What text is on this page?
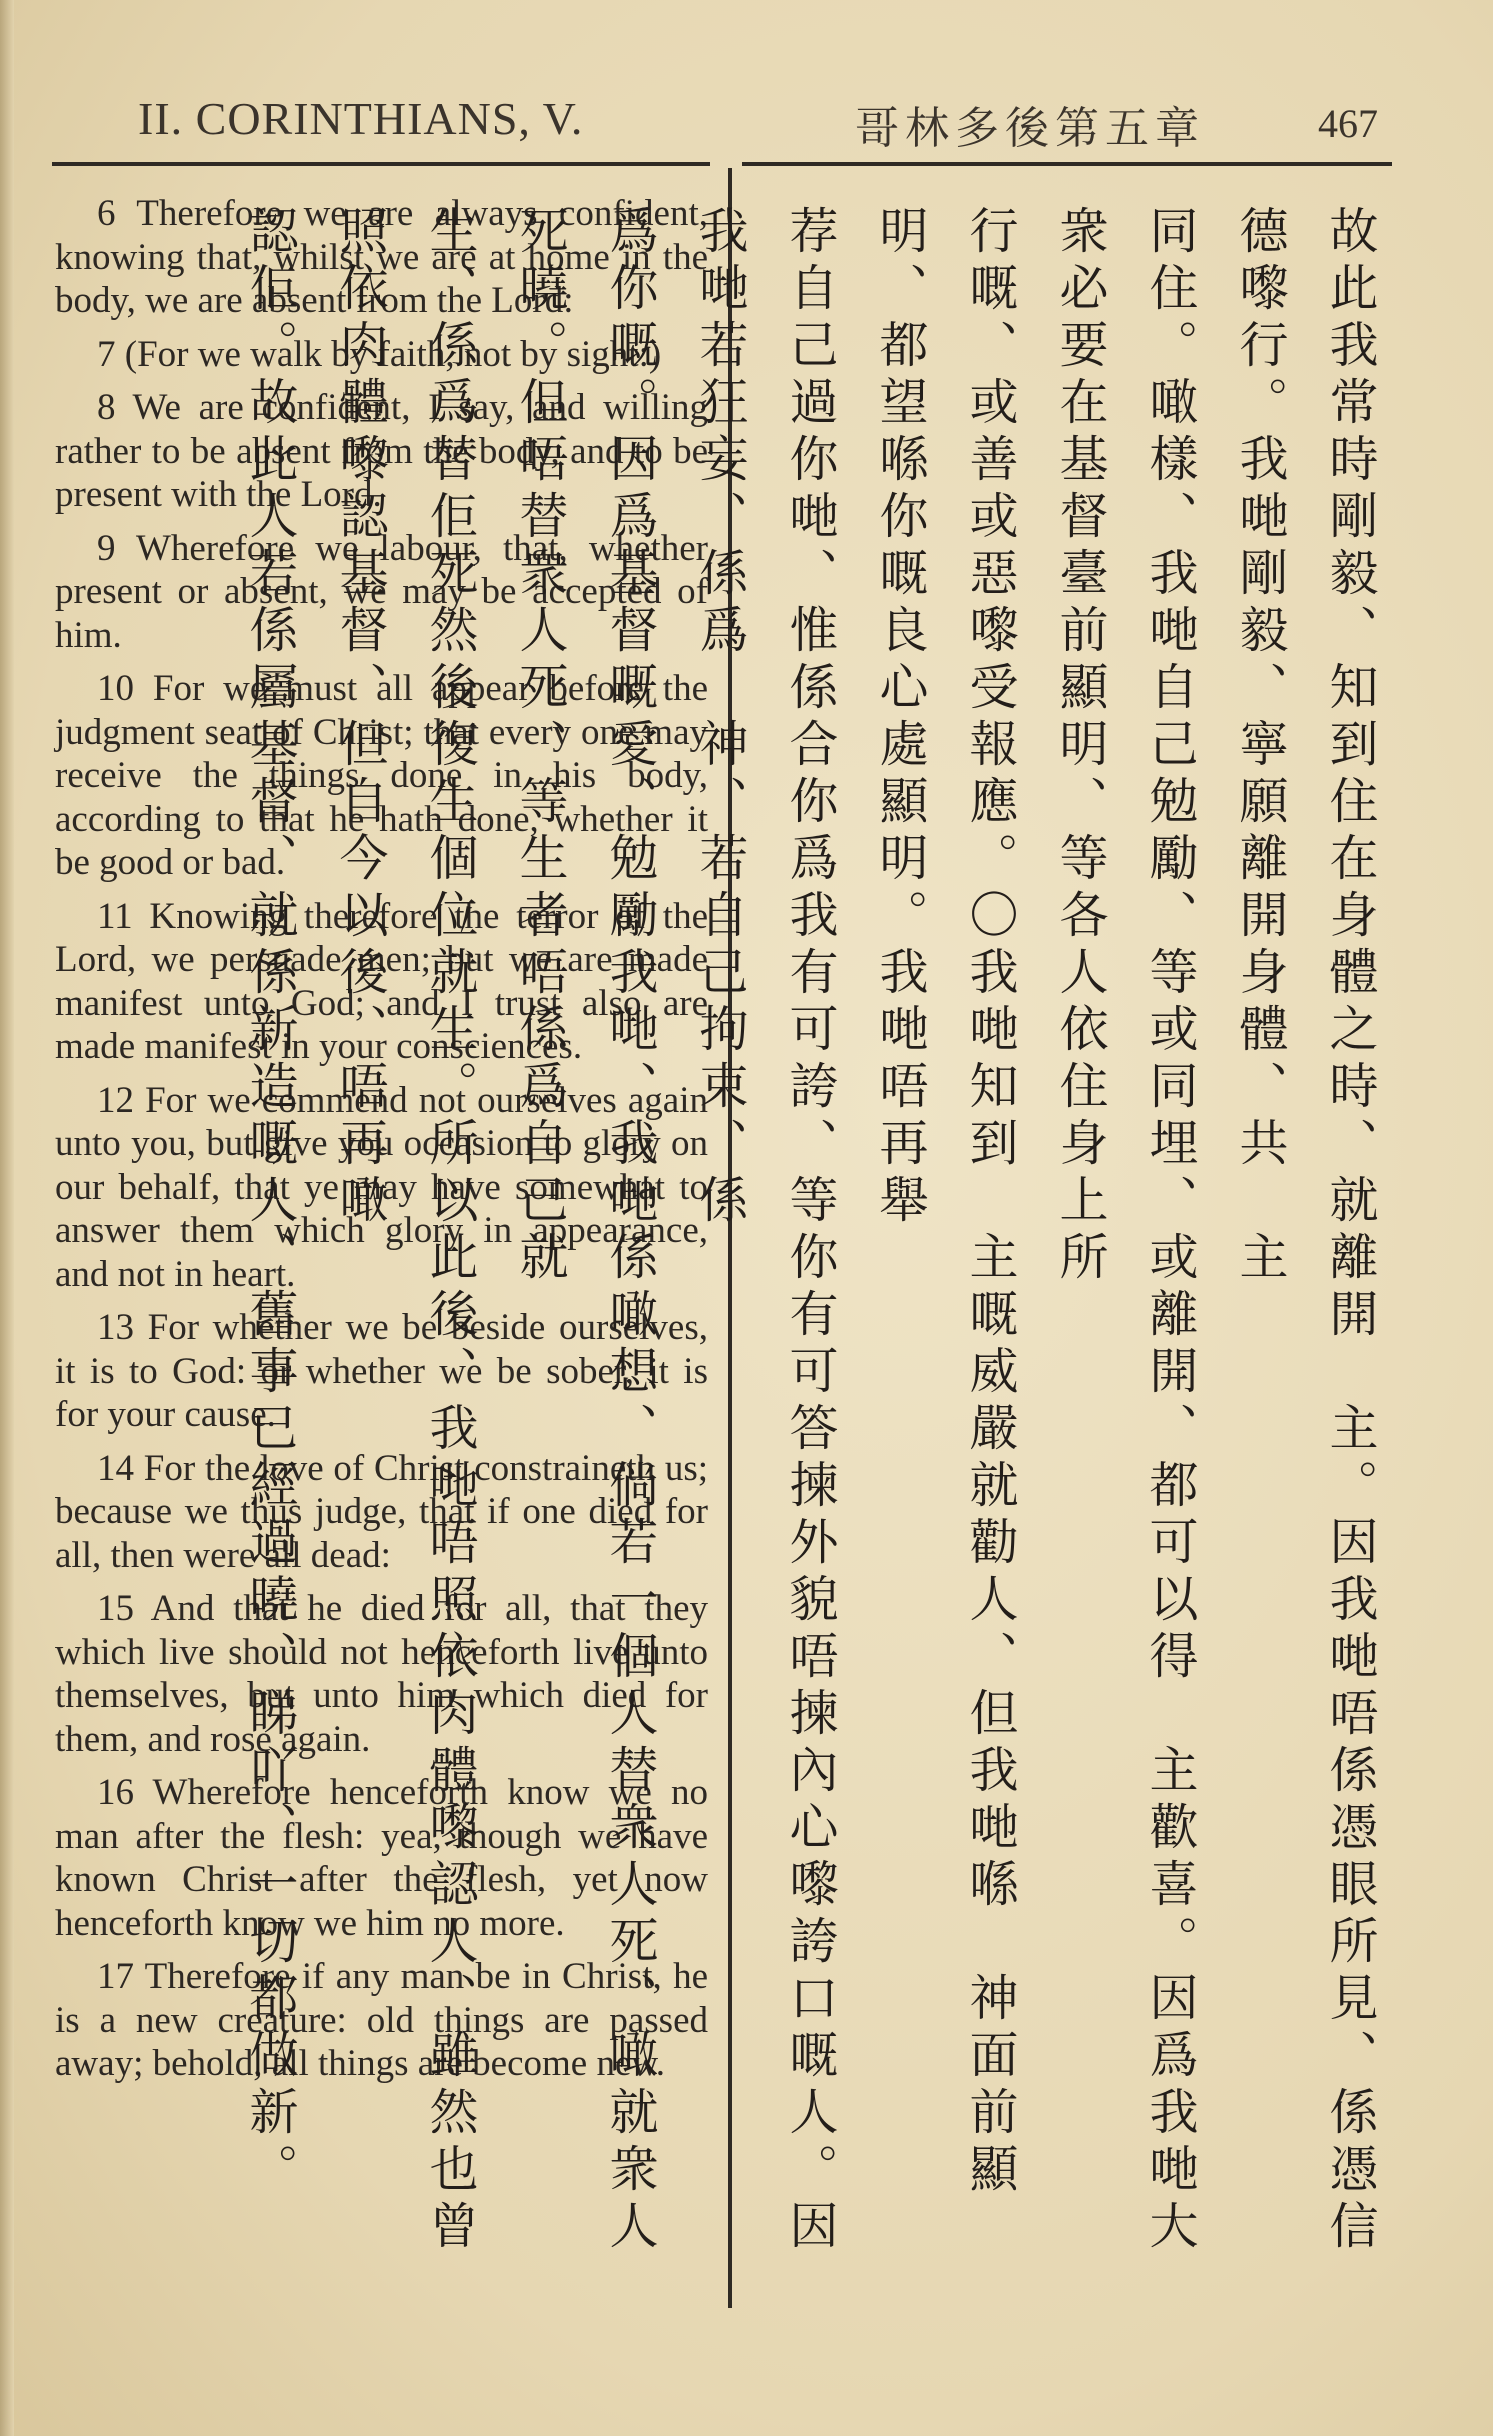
II. CORINTHIANS, V.	哥林多後第五章	467

6 Therefore we are always confident, knowing that, whilst we are at home in the body, we are absent from the Lord:

7 (For we walk by faith, not by sight:)

8 We are confident, I say, and willing rather to be absent from the body, and to be present with the Lord.

9 Wherefore we labour, that, whether present or absent, we may be accepted of him.

10 For we must all appear before the judgment seat of Christ; that every one may receive the things done in his body, according to that he hath done, whether it be good or bad.

11 Knowing therefore the terror of the Lord, we persuade men; but we are made manifest unto God; and I trust also are made manifest in your consciences.

12 For we commend not ourselves again unto you, but give you occasion to glory on our behalf, that ye may have somewhat to answer them which glory in appearance, and not in heart.

13 For whether we be beside ourselves, it is to God: or whether we be sober, it is for your cause.

14 For the love of Christ constraineth us; because we thus judge, that if one died for all, then were all dead:

15 And that he died for all, that they which live should not henceforth live unto themselves, but unto him which died for them, and rose again.

16 Wherefore henceforth know we no man after the flesh: yea, though we have known Christ after the flesh, yet now henceforth know we him no more.

17 Therefore if any man be in Christ, he is a new creature: old things are passed away; behold, all things are become new.	故此我常時剛毅、知到住在身體之時、就離開　主。因我哋唔係憑眼所見、係憑信德嚟行。我哋剛毅、寧願離開身體、共　主
同住。噉樣、我哋自己勉勵、等或同埋、或離開、都可以得　主歡喜。因爲我哋大衆必要在基督臺前顯明、等各人依住身上所
行嘅、或善或惡嚟受報應。〇我哋知到　主嘅威嚴就勸人、但我哋喺　神面前顯明、都望喺你嘅良心處顯明。我哋唔再舉
荐自己過你哋、惟係合你爲我有可誇、等你有可答揀外貌唔揀內心嚟誇口嘅人。因我哋若狂妄、係爲　神、若自己拘束、係
爲你嘅。因爲基督嘅愛、勉勵我哋、我哋係噉想、倘若一個人替衆人死、噉就衆人死曉。但唔替衆人死、等生者唔係爲自己就
生、係爲替佢死然後復生個位就生。所以此後、我哋唔照依肉體嚟認人、雖然也曾照依肉體嚟認基督、但自今以後、唔再噉
認佢。故此人若係屬基督、就係新造嘅人、舊事已經過曉、睇吖、一切都做新。
